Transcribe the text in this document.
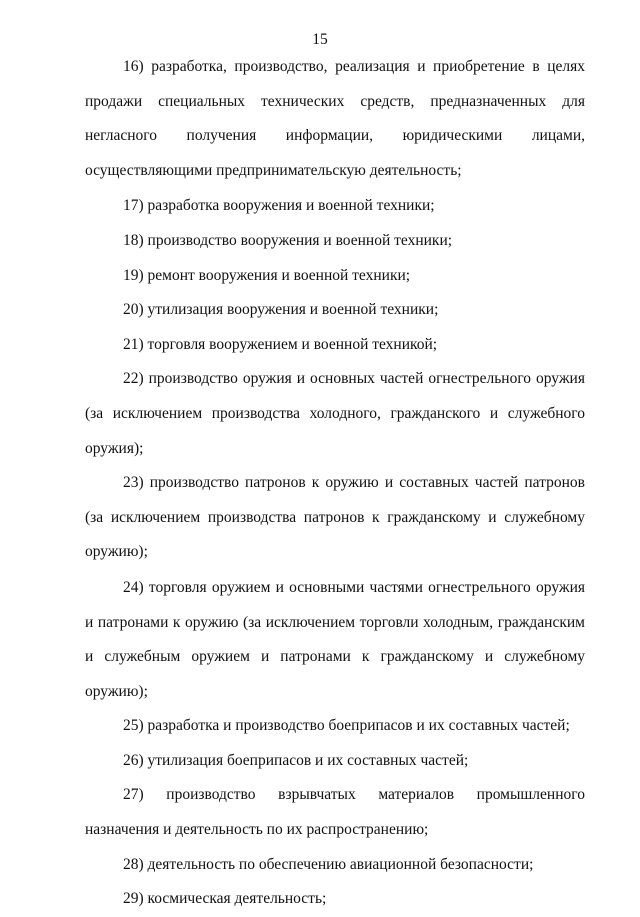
15

16) разработка, производство, реализация и приобретение в целях продажи специальных технических средств, предназначенных для негласного получения информации, юридическими лицами, осуществляющими предпринимательскую деятельность;

17) разработка вооружения и военной техники;

18) производство вооружения и военной техники;

19) ремонт вооружения и военной техники;

20) утилизация вооружения и военной техники;

21) торговля вооружением и военной техникой;

22) производство оружия и основных частей огнестрельного оружия (за исключением производства холодного, гражданского и служебного оружия);

23) производство патронов к оружию и составных частей патронов (за исключением производства патронов к гражданскому и служебному оружию);

24) торговля оружием и основными частями огнестрельного оружия и патронами к оружию (за исключением торговли холодным, гражданским и служебным оружием и патронами к гражданскому и служебному оружию);

25) разработка и производство боеприпасов и их составных частей;

26) утилизация боеприпасов и их составных частей;

27) производство взрывчатых материалов промышленного назначения и деятельность по их распространению;

28) деятельность по обеспечению авиационной безопасности;

29) космическая деятельность;
